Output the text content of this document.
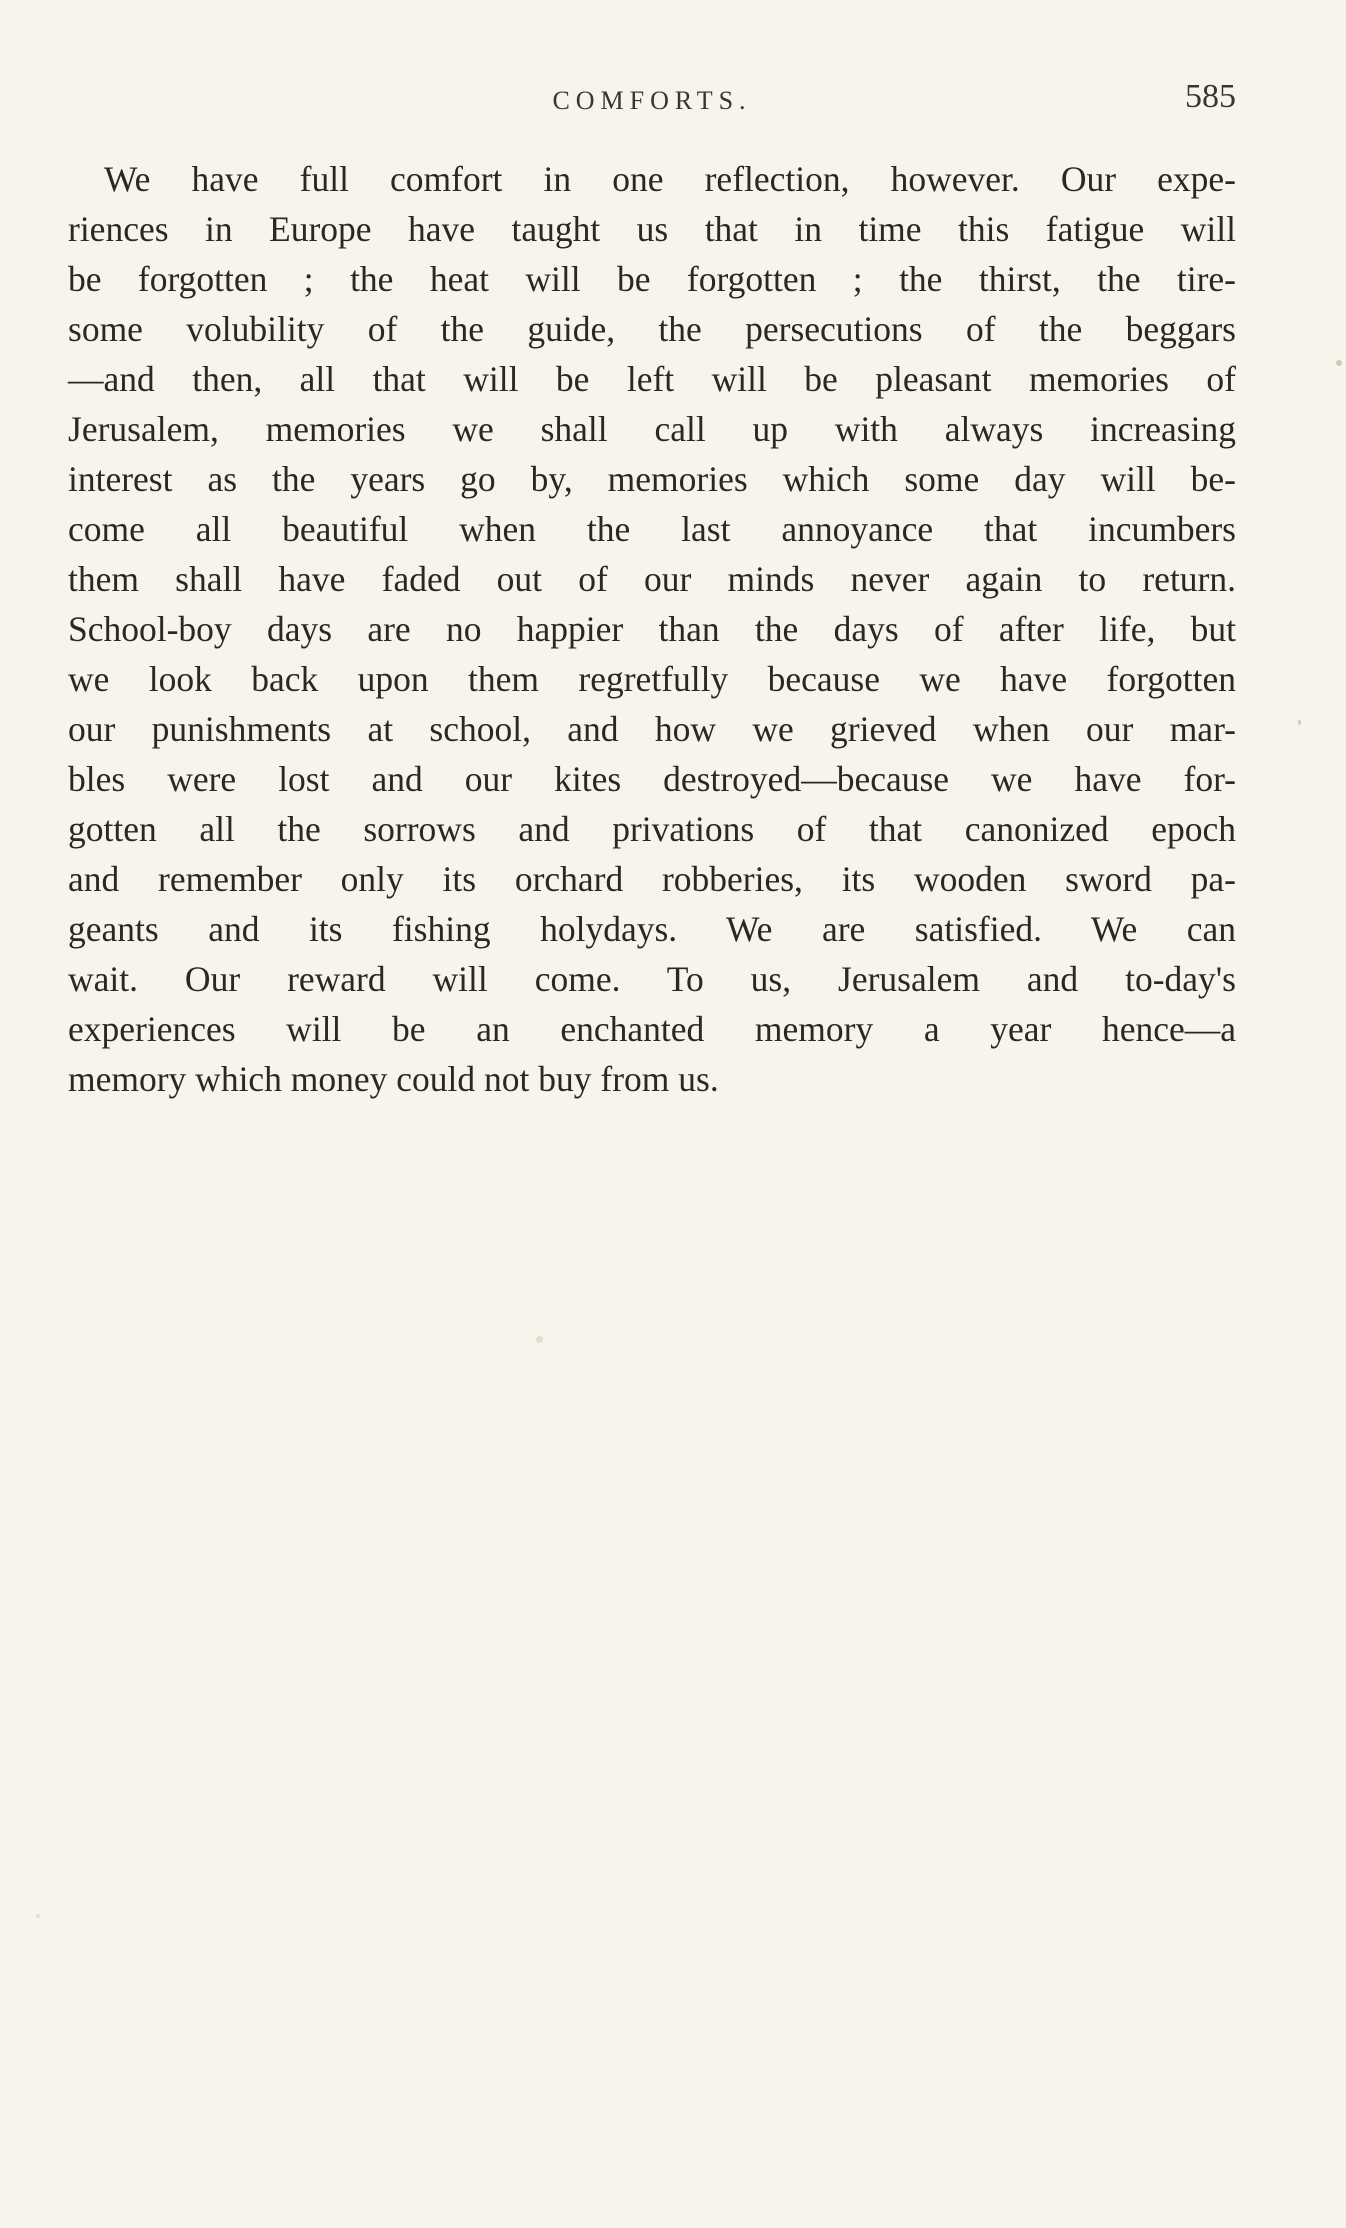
COMFORTS.	585
We have full comfort in one reflection, however. Our expe-
riences in Europe have taught us that in time this fatigue will
be forgotten ; the heat will be forgotten ; the thirst, the tire-
some volubility of the guide, the persecutions of the beggars
—and then, all that will be left will be pleasant memories of
Jerusalem, memories we shall call up with always increasing
interest as the years go by, memories which some day will be-
come all beautiful when the last annoyance that incumbers
them shall have faded out of our minds never again to return.
School-boy days are no happier than the days of after life, but
we look back upon them regretfully because we have forgotten
our punishments at school, and how we grieved when our mar-
bles were lost and our kites destroyed—because we have for-
gotten all the sorrows and privations of that canonized epoch
and remember only its orchard robberies, its wooden sword pa-
geants and its fishing holydays. We are satisfied. We can
wait. Our reward will come. To us, Jerusalem and to-day's
experiences will be an enchanted memory a year hence—a
memory which money could not buy from us.
